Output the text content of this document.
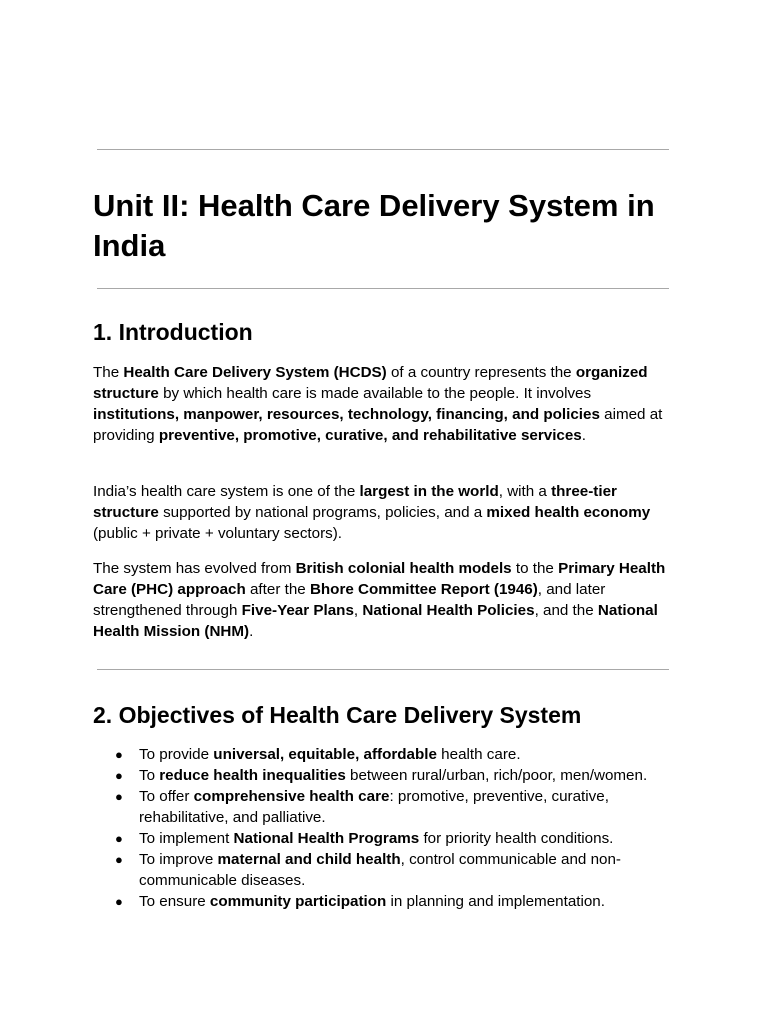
Unit II: Health Care Delivery System in India
1. Introduction

The Health Care Delivery System (HCDS) of a country represents the organized structure by which health care is made available to the people. It involves institutions, manpower, resources, technology, financing, and policies aimed at providing preventive, promotive, curative, and rehabilitative services.

India’s health care system is one of the largest in the world, with a three-tier structure supported by national programs, policies, and a mixed health economy (public + private + voluntary sectors).

The system has evolved from British colonial health models to the Primary Health Care (PHC) approach after the Bhore Committee Report (1946), and later strengthened through Five-Year Plans, National Health Policies, and the National Health Mission (NHM).

2. Objectives of Health Care Delivery System
● To provide universal, equitable, affordable health care.
● To reduce health inequalities between rural/urban, rich/poor, men/women.
● To offer comprehensive health care: promotive, preventive, curative, rehabilitative, and palliative.
● To implement National Health Programs for priority health conditions.
● To improve maternal and child health, control communicable and non-communicable diseases.
● To ensure community participation in planning and implementation.
